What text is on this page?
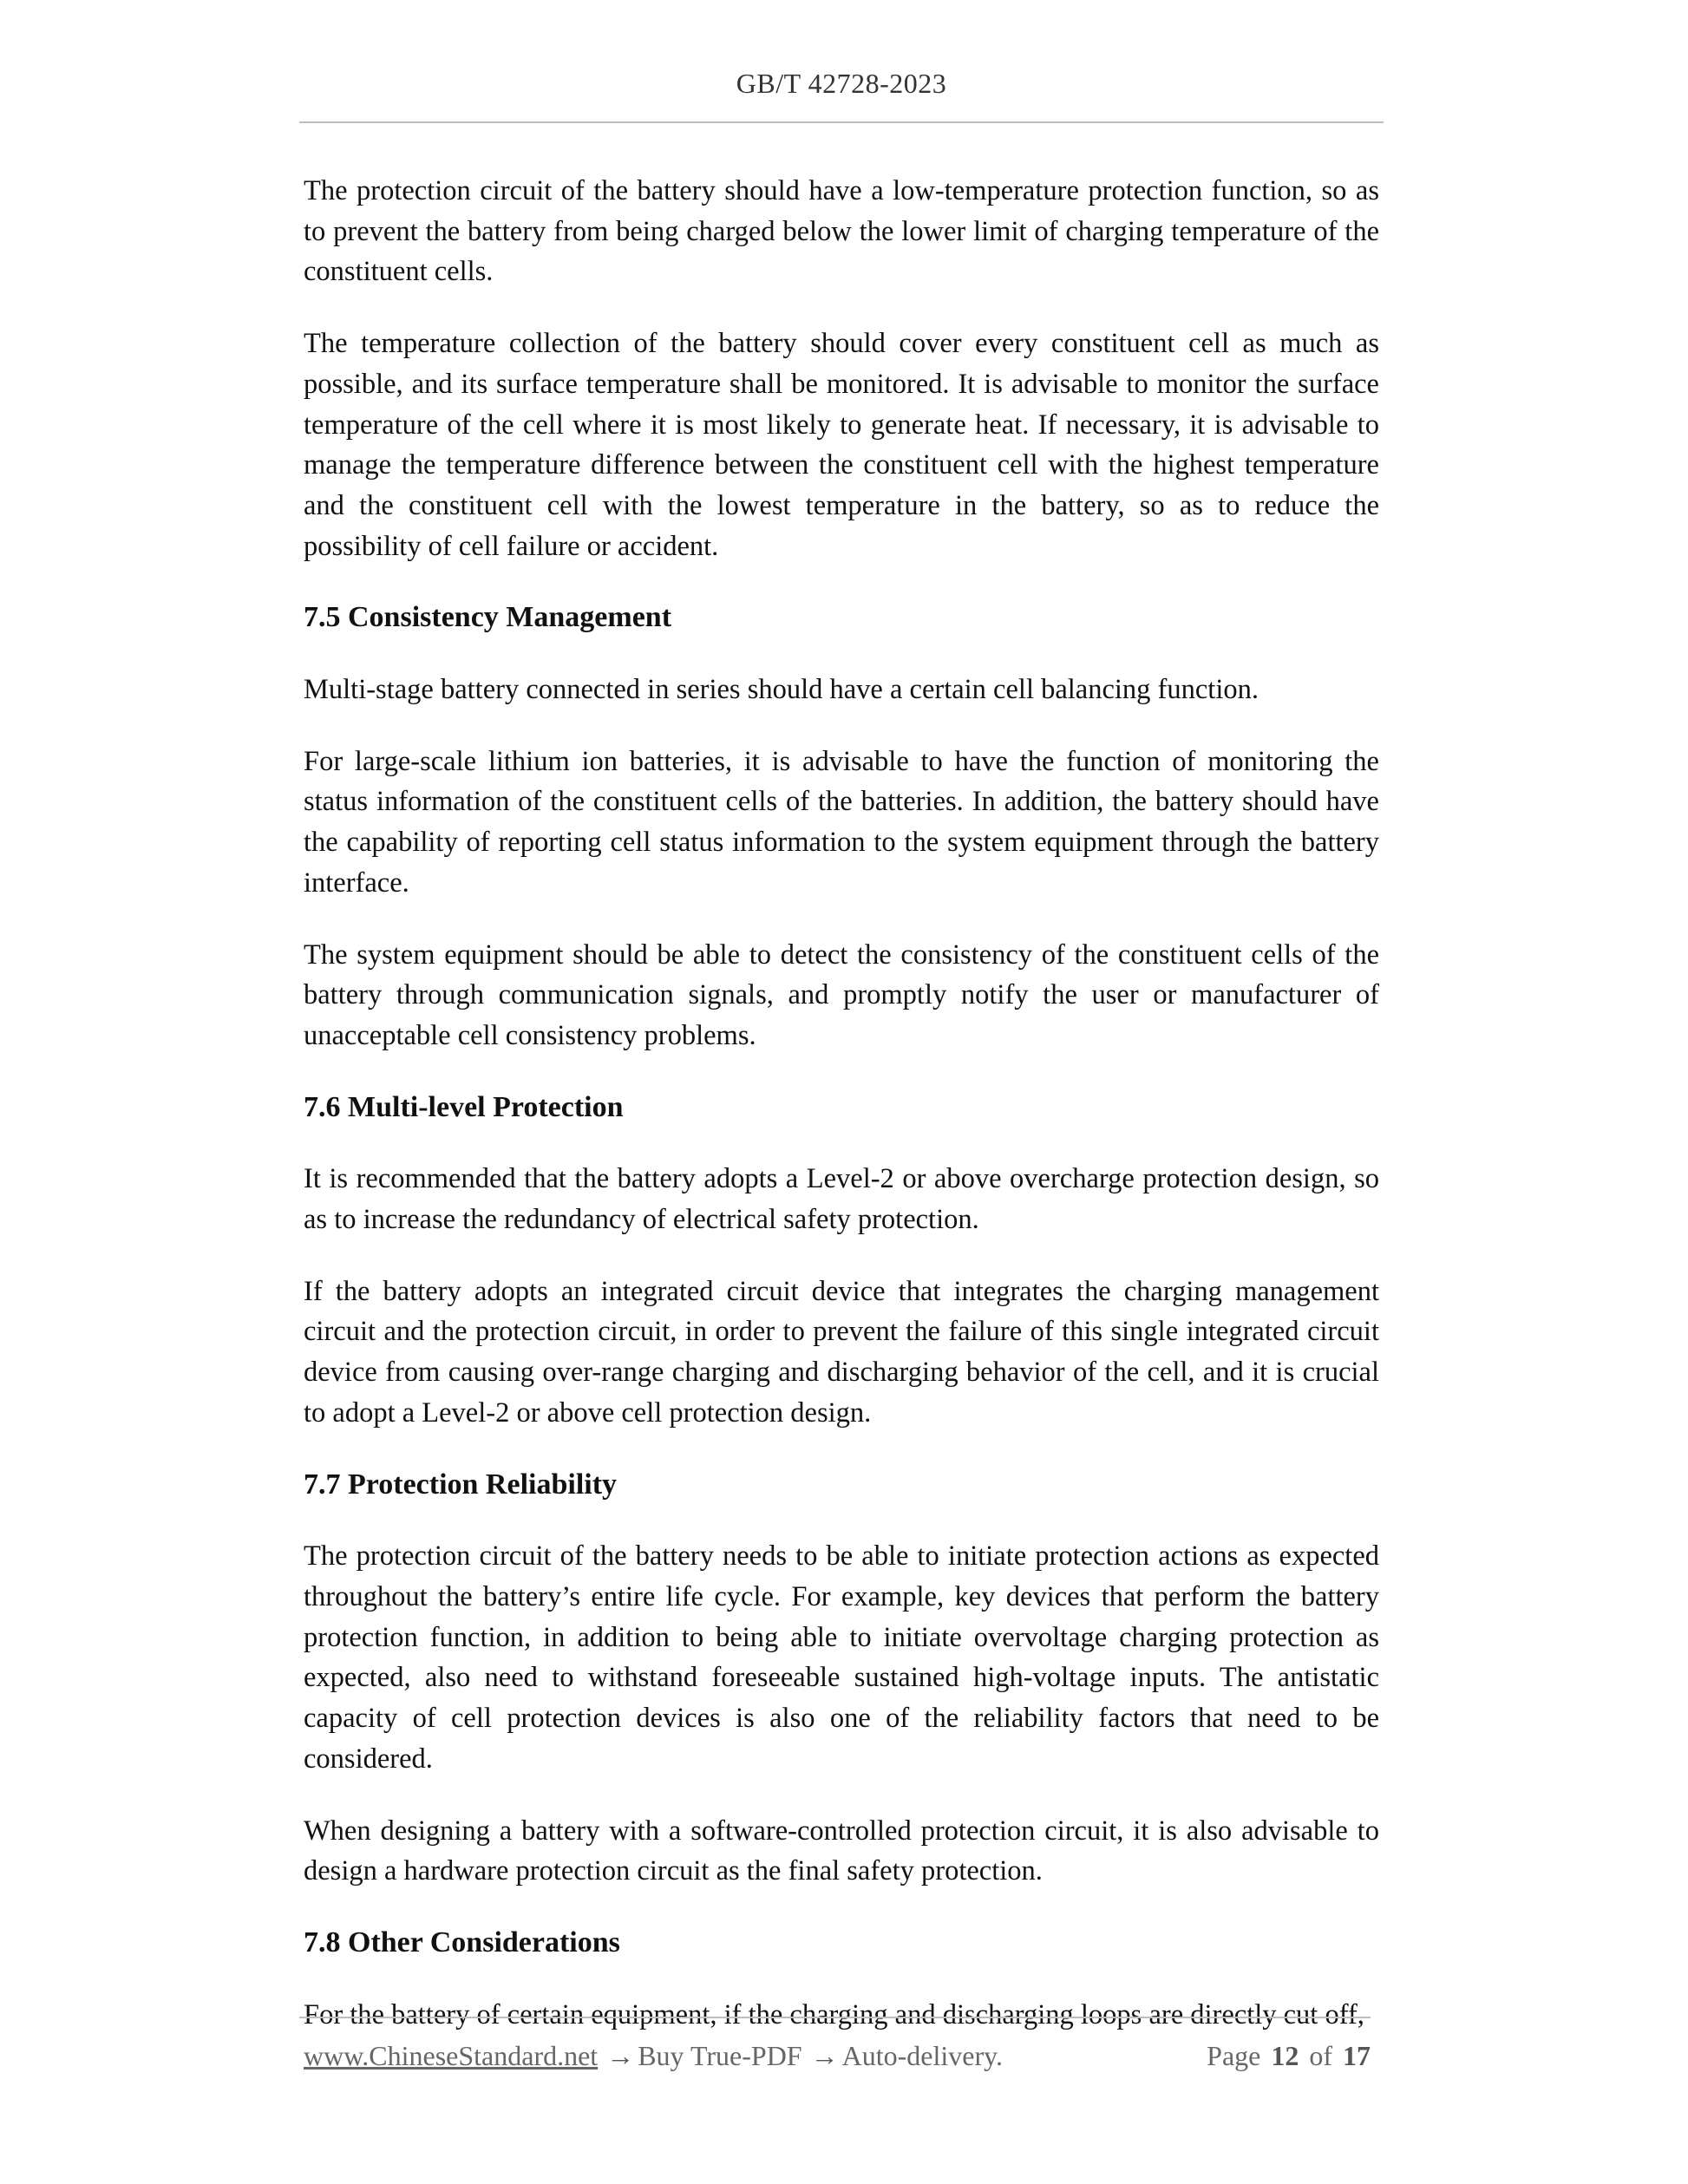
GB/T 42728-2023

The protection circuit of the battery should have a low-temperature protection function, so as to prevent the battery from being charged below the lower limit of charging temperature of the constituent cells.

The temperature collection of the battery should cover every constituent cell as much as possible, and its surface temperature shall be monitored. It is advisable to monitor the surface temperature of the cell where it is most likely to generate heat. If necessary, it is advisable to manage the temperature difference between the constituent cell with the highest temperature and the constituent cell with the lowest temperature in the battery, so as to reduce the possibility of cell failure or accident.

7.5 Consistency Management

Multi-stage battery connected in series should have a certain cell balancing function.

For large-scale lithium ion batteries, it is advisable to have the function of monitoring the status information of the constituent cells of the batteries. In addition, the battery should have the capability of reporting cell status information to the system equipment through the battery interface.

The system equipment should be able to detect the consistency of the constituent cells of the battery through communication signals, and promptly notify the user or manufacturer of unacceptable cell consistency problems.

7.6 Multi-level Protection

It is recommended that the battery adopts a Level-2 or above overcharge protection design, so as to increase the redundancy of electrical safety protection.

If the battery adopts an integrated circuit device that integrates the charging management circuit and the protection circuit, in order to prevent the failure of this single integrated circuit device from causing over-range charging and discharging behavior of the cell, and it is crucial to adopt a Level-2 or above cell protection design.

7.7 Protection Reliability

The protection circuit of the battery needs to be able to initiate protection actions as expected throughout the battery’s entire life cycle. For example, key devices that perform the battery protection function, in addition to being able to initiate overvoltage charging protection as expected, also need to withstand foreseeable sustained high-voltage inputs. The antistatic capacity of cell protection devices is also one of the reliability factors that need to be considered.

When designing a battery with a software-controlled protection circuit, it is also advisable to design a hardware protection circuit as the final safety protection.

7.8 Other Considerations

For the battery of certain equipment, if the charging and discharging loops are directly cut off,

www.ChineseStandard.net → Buy True-PDF → Auto-delivery.	Page 12 of 17
